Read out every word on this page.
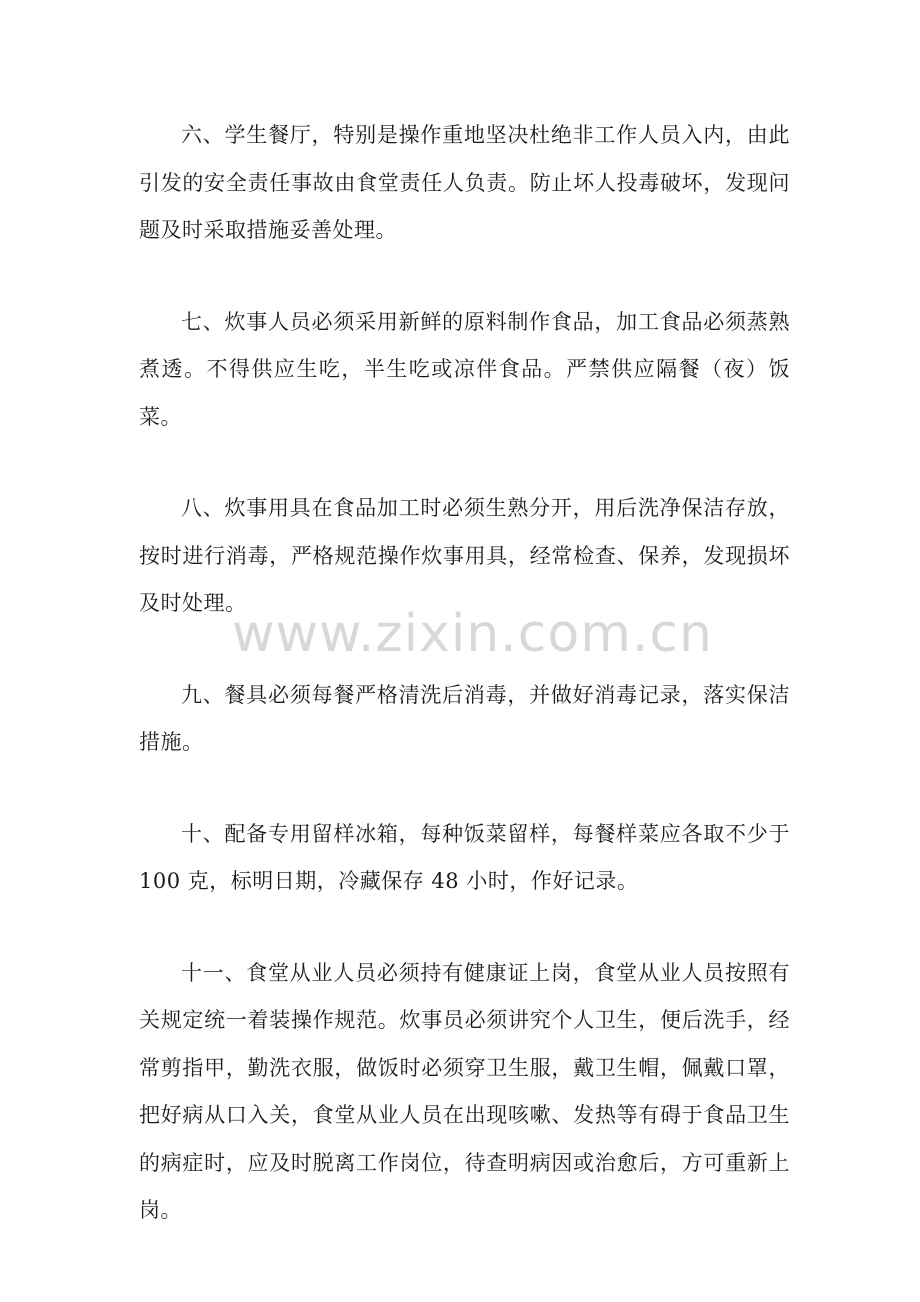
六、学生餐厅，特别是操作重地坚决杜绝非工作人员入内，由此引发的安全责任事故由食堂责任人负责。防止坏人投毒破坏，发现问题及时采取措施妥善处理。

七、炊事人员必须采用新鲜的原料制作食品，加工食品必须蒸熟煮透。不得供应生吃，半生吃或凉伴食品。严禁供应隔餐（夜）饭菜。

八、炊事用具在食品加工时必须生熟分开，用后洗净保洁存放，按时进行消毒，严格规范操作炊事用具，经常检查、保养，发现损坏及时处理。

九、餐具必须每餐严格清洗后消毒，并做好消毒记录，落实保洁措施。

十、配备专用留样冰箱，每种饭菜留样，每餐样菜应各取不少于 100 克，标明日期，冷藏保存 48 小时，作好记录。

十一、食堂从业人员必须持有健康证上岗，食堂从业人员按照有关规定统一着装操作规范。炊事员必须讲究个人卫生，便后洗手，经常剪指甲，勤洗衣服，做饭时必须穿卫生服，戴卫生帽，佩戴口罩，把好病从口入关，食堂从业人员在出现咳嗽、发热等有碍于食品卫生的病症时，应及时脱离工作岗位，待查明病因或治愈后，方可重新上岗。

www.zixin.com.cn
